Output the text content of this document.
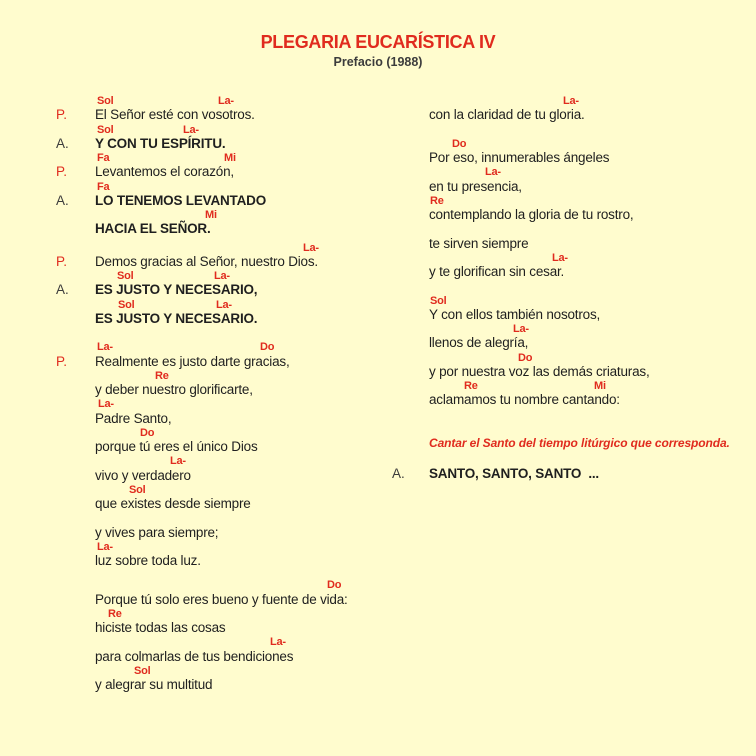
PLEGARIA EUCARÍSTICA IV
Prefacio (1988)
Sol	La-
P. El Señor esté con vosotros.
Sol	La-
A. Y CON TU ESPÍRITU.
Fa	Mi
P. Levantemos el corazón,
Fa
A. LO TENEMOS LEVANTADO
Mi
HACIA EL SEÑOR.
La-
P. Demos gracias al Señor, nuestro Dios.
Sol	La-
A. ES JUSTO Y NECESARIO,
Sol	La-
ES JUSTO Y NECESARIO.
La-	Do
P. Realmente es justo darte gracias,
Re
y deber nuestro glorificarte,
La-
Padre Santo,
Do
porque tú eres el único Dios
La-
vivo y verdadero
Sol
que existes desde siempre
y vives para siempre;
La-
luz sobre toda luz.
Do
Porque tú solo eres bueno y fuente de vida:
Re
hiciste todas las cosas
La-
para colmarlas de tus bendiciones
Sol
y alegrar su multitud
La-
con la claridad de tu gloria.
Do
Por eso, innumerables ángeles
La-
en tu presencia,
Re
contemplando la gloria de tu rostro,
te sirven siempre
La-
y te glorifican sin cesar.
Sol
Y con ellos también nosotros,
La-
llenos de alegría,
Do
y por nuestra voz las demás criaturas,
Re	Mi
aclamamos tu nombre cantando:
Cantar el Santo del tiempo litúrgico que corresponda.
A. SANTO, SANTO, SANTO  ...
